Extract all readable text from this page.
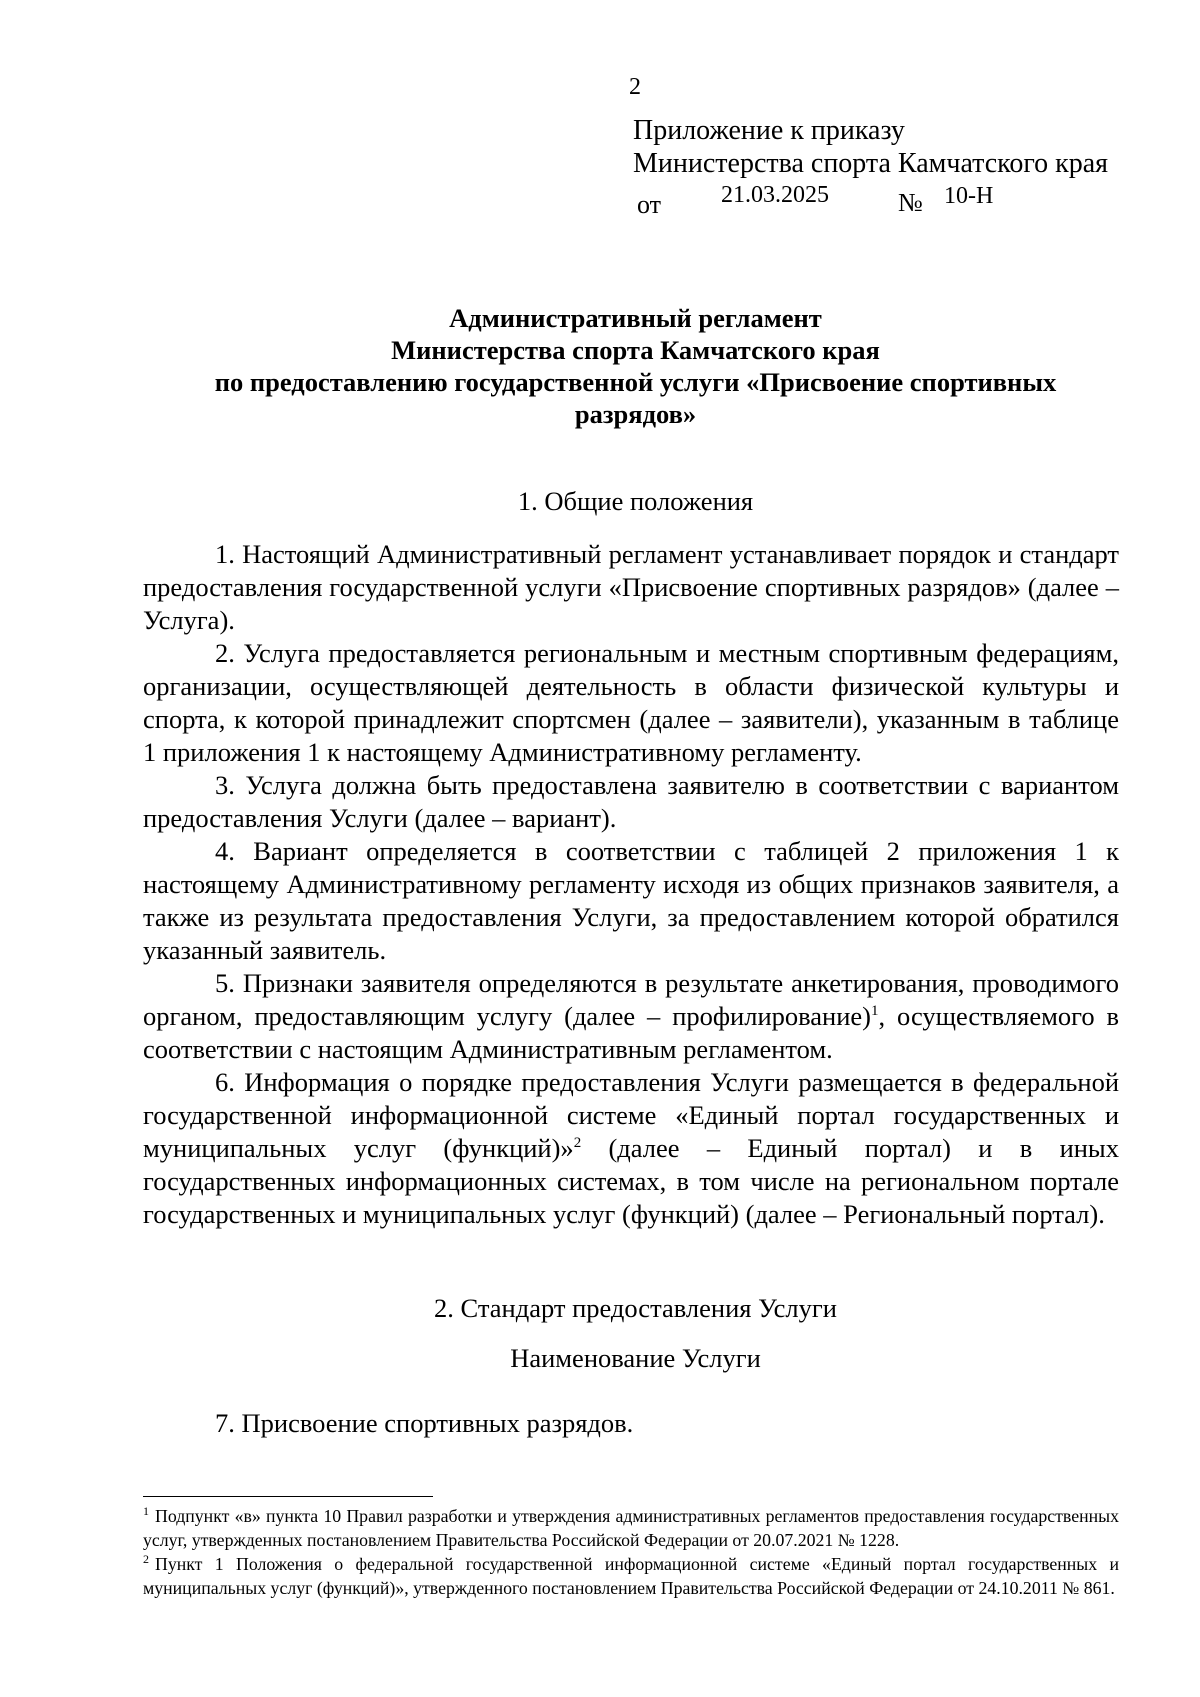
2
Приложение к приказу
Министерства спорта Камчатского края
от 21.03.2025	№ 10-Н
Административный регламент
Министерства спорта Камчатского края
по предоставлению государственной услуги «Присвоение спортивных
разрядов»
1. Общие положения

1. Настоящий Административный регламент устанавливает порядок и стандарт предоставления государственной услуги «Присвоение спортивных разрядов» (далее – Услуга).

2. Услуга предоставляется региональным и местным спортивным федерациям, организации, осуществляющей деятельность в области физической культуры и спорта, к которой принадлежит спортсмен (далее – заявители), указанным в таблице 1 приложения 1 к настоящему Административному регламенту.

3. Услуга должна быть предоставлена заявителю в соответствии с вариантом предоставления Услуги (далее – вариант).

4. Вариант определяется в соответствии с таблицей 2 приложения 1 к настоящему Административному регламенту исходя из общих признаков заявителя, а также из результата предоставления Услуги, за предоставлением которой обратился указанный заявитель.

5. Признаки заявителя определяются в результате анкетирования, проводимого органом, предоставляющим услугу (далее – профилирование)$^1$, осуществляемого в соответствии с настоящим Административным регламентом.

6. Информация о порядке предоставления Услуги размещается в федеральной государственной информационной системе «Единый портал государственных и муниципальных услуг (функций)»$^2$ (далее – Единый портал) и в иных государственных информационных системах, в том числе на региональном портале государственных и муниципальных услуг (функций) (далее – Региональный портал).

2. Стандарт предоставления Услуги
Наименование Услуги
7. Присвоение спортивных разрядов.

$^1$ Подпункт «в» пункта 10 Правил разработки и утверждения административных регламентов предоставления государственных услуг, утвержденных постановлением Правительства Российской Федерации от 20.07.2021 № 1228.

$^2$ Пункт 1 Положения о федеральной государственной информационной системе «Единый портал государственных и муниципальных услуг (функций)», утвержденного постановлением Правительства Российской Федерации от 24.10.2011 № 861.
